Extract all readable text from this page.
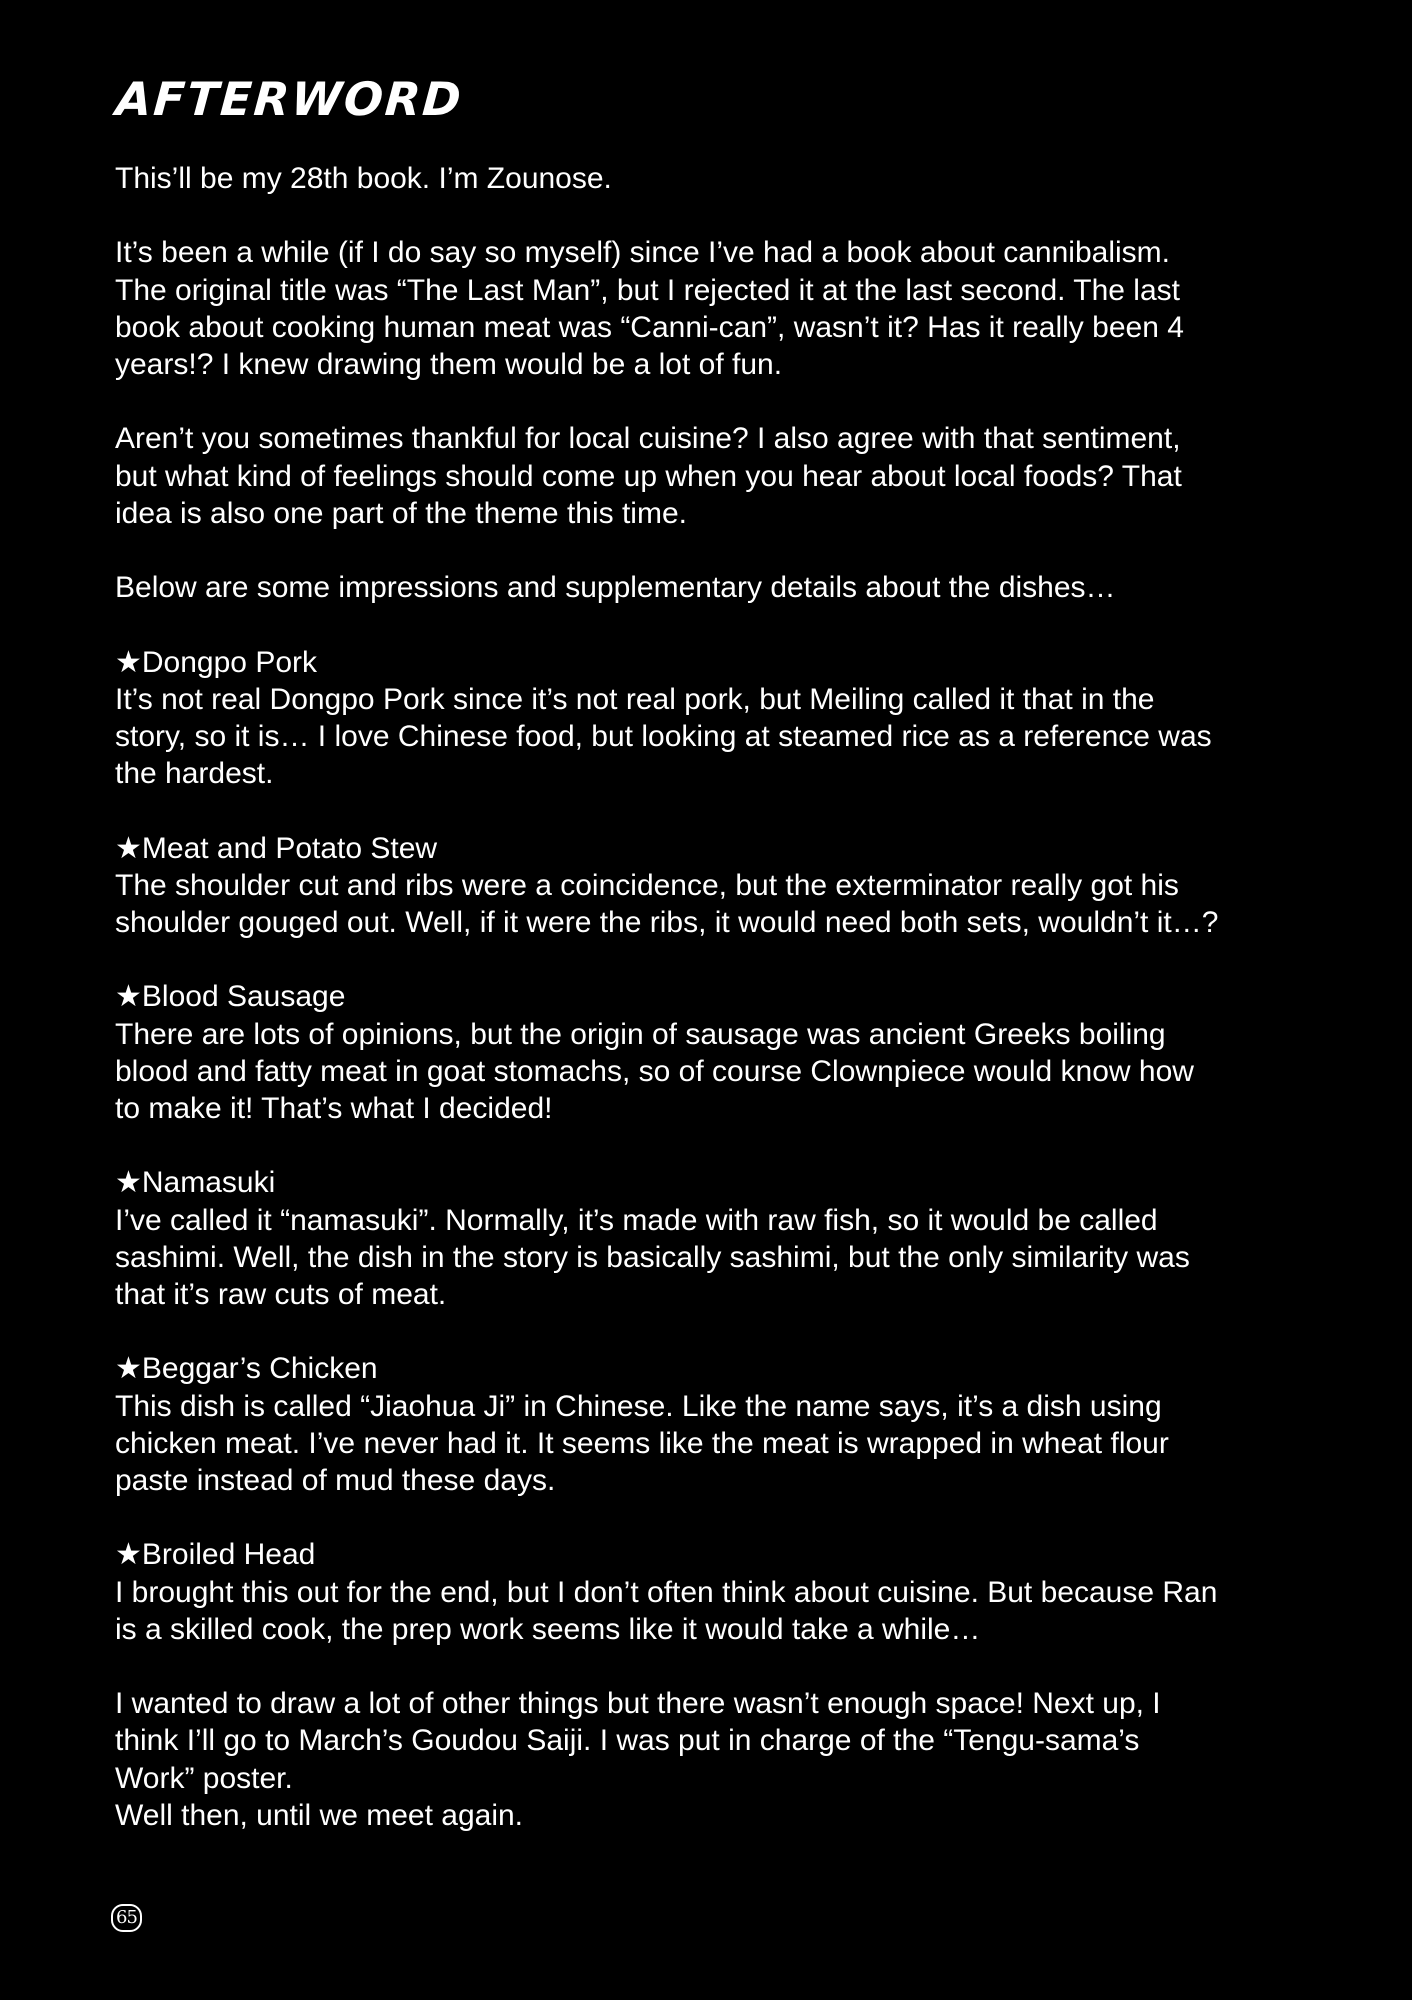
AFTERWORD

This’ll be my 28th book. I’m Zounose.

It’s been a while (if I do say so myself) since I’ve had a book about cannibalism.
The original title was “The Last Man”, but I rejected it at the last second. The last
book about cooking human meat was “Canni-can”, wasn’t it? Has it really been 4
years!? I knew drawing them would be a lot of fun.

Aren’t you sometimes thankful for local cuisine? I also agree with that sentiment,
but what kind of feelings should come up when you hear about local foods? That
idea is also one part of the theme this time.

Below are some impressions and supplementary details about the dishes…

★Dongpo Pork
It’s not real Dongpo Pork since it’s not real pork, but Meiling called it that in the
story, so it is… I love Chinese food, but looking at steamed rice as a reference was
the hardest.

★Meat and Potato Stew
The shoulder cut and ribs were a coincidence, but the exterminator really got his
shoulder gouged out. Well, if it were the ribs, it would need both sets, wouldn’t it…?

★Blood Sausage
There are lots of opinions, but the origin of sausage was ancient Greeks boiling
blood and fatty meat in goat stomachs, so of course Clownpiece would know how
to make it! That’s what I decided!

★Namasuki
I’ve called it “namasuki”. Normally, it’s made with raw fish, so it would be called
sashimi. Well, the dish in the story is basically sashimi, but the only similarity was
that it’s raw cuts of meat.

★Beggar’s Chicken
This dish is called “Jiaohua Ji” in Chinese. Like the name says, it’s a dish using
chicken meat. I’ve never had it. It seems like the meat is wrapped in wheat flour
paste instead of mud these days.

★Broiled Head
I brought this out for the end, but I don’t often think about cuisine. But because Ran
is a skilled cook, the prep work seems like it would take a while…

I wanted to draw a lot of other things but there wasn’t enough space! Next up, I
think I’ll go to March’s Goudou Saiji. I was put in charge of the “Tengu-sama’s
Work” poster.
Well then, until we meet again.

65
